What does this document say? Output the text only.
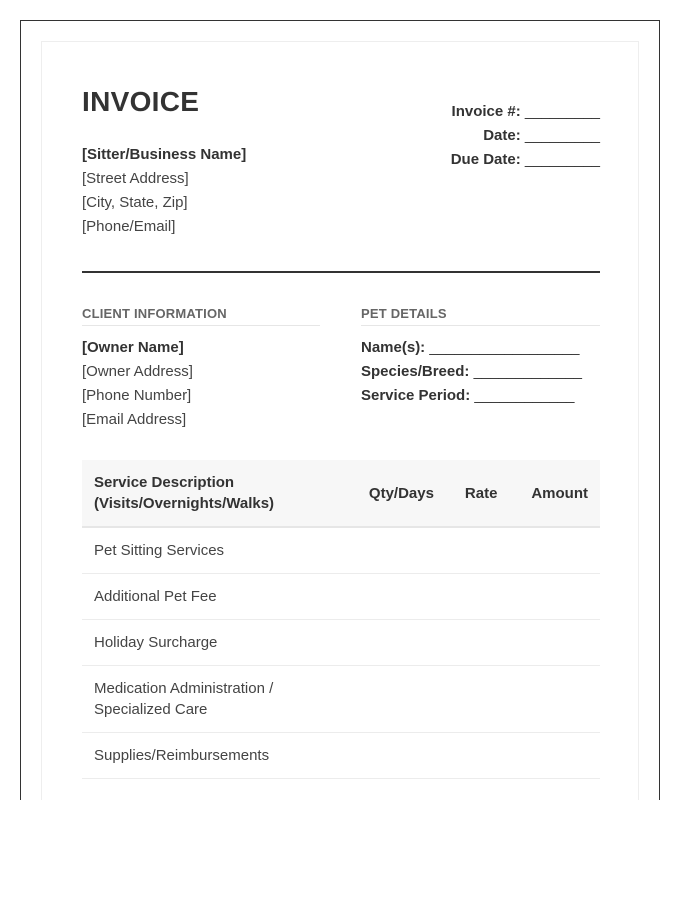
INVOICE
[Sitter/Business Name]
[Street Address]
[City, State, Zip]
[Phone/Email]
Invoice #: _________
Date: _________
Due Date: _________
CLIENT INFORMATION	PET DETAILS
[Owner Name]
[Owner Address]
[Phone Number]
[Email Address]
Name(s): __________________
Species/Breed: _____________
Service Period: ____________
Service Description
(Visits/Overnights/Walks)	Qty/Days	Rate	Amount
Pet Sitting Services			
Additional Pet Fee			
Holiday Surcharge			

Medication Administration /
Specialized Care			

Supplies/Reimbursements			
